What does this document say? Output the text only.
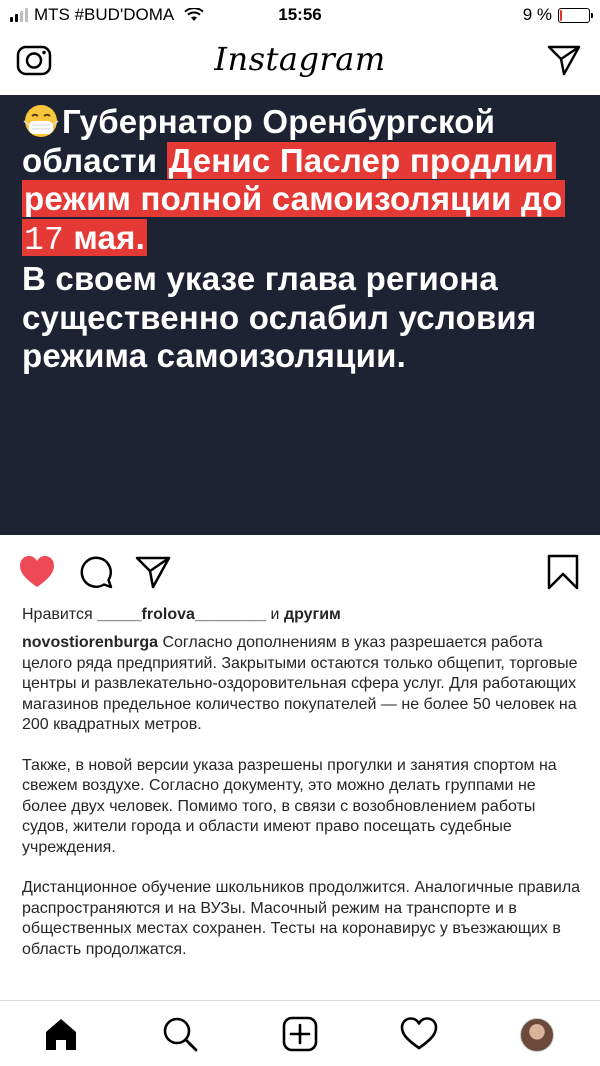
MTS #BUD'DOMA	15:56	9 %
Instagram
Губернатор Оренбургской
области Денис Паслер продлил
режим полной самоизоляции до
17 мая.
В своем указе глава региона существенно ослабил условия режима самоизоляции.
Нравится _____frolova________ и другим

novostiorenburga Согласно дополнениям в указ разрешается работа целого ряда предприятий. Закрытыми остаются только общепит, торговые центры и развлекательно-оздоровительная сфера услуг. Для работающих магазинов предельное количество покупателей — не более 50 человек на 200 квадратных метров.

Также, в новой версии указа разрешены прогулки и занятия спортом на свежем воздухе. Согласно документу, это можно делать группами не более двух человек. Помимо того, в связи с возобновлением работы судов, жители города и области имеют право посещать судебные учреждения.

Дистанционное обучение школьников продолжится. Аналогичные правила распространяются и на ВУЗы. Масочный режим на транспорте и в общественных местах сохранен. Тесты на коронавирус у въезжающих в область продолжатся.
